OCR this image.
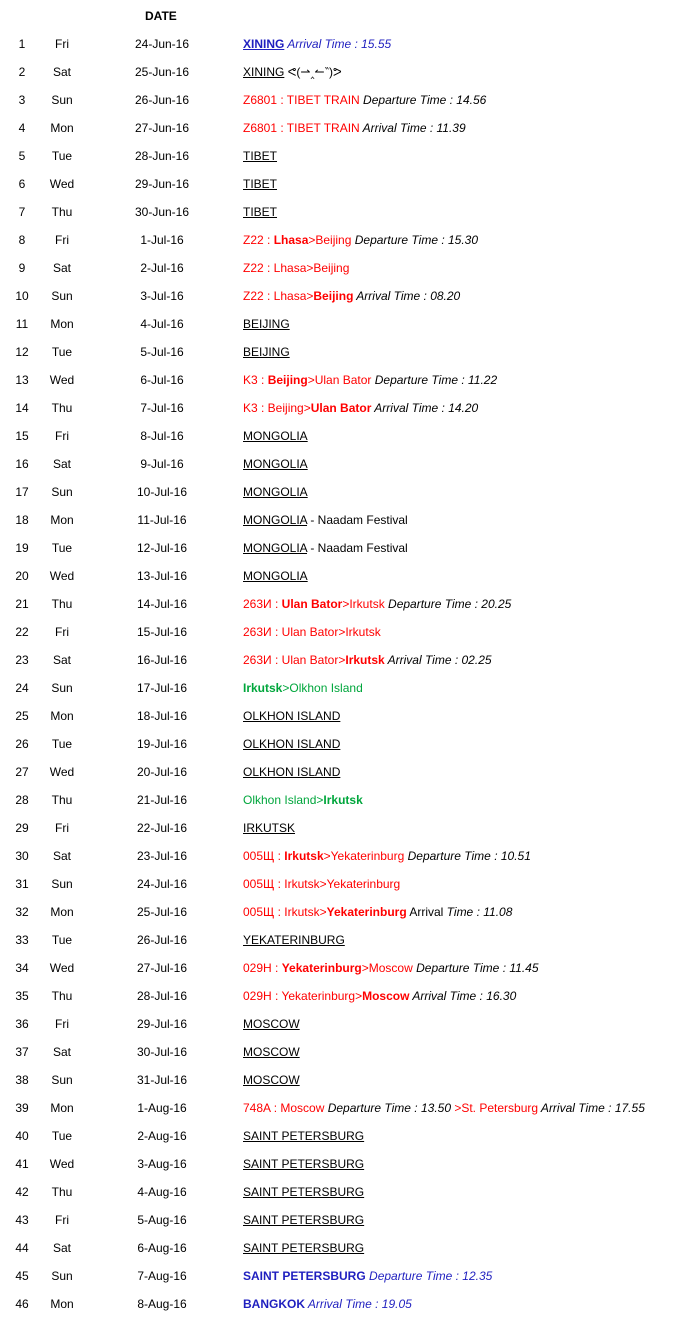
DATE
1	Fri	24-Jun-16	XINING Arrival Time : 15.55
2	Sat	25-Jun-16	XINING ᕙ(⇀‸↼‶)ᕗ
3	Sun	26-Jun-16	Z6801 : TIBET TRAIN Departure Time : 14.56
4	Mon	27-Jun-16	Z6801 : TIBET TRAIN Arrival Time : 11.39
5	Tue	28-Jun-16	TIBET
6	Wed	29-Jun-16	TIBET
7	Thu	30-Jun-16	TIBET
8	Fri	1-Jul-16	Z22 : Lhasa>Beijing Departure Time : 15.30
9	Sat	2-Jul-16	Z22 : Lhasa>Beijing
10	Sun	3-Jul-16	Z22 : Lhasa>Beijing Arrival Time : 08.20
11	Mon	4-Jul-16	BEIJING
12	Tue	5-Jul-16	BEIJING
13	Wed	6-Jul-16	K3 : Beijing>Ulan Bator Departure Time : 11.22
14	Thu	7-Jul-16	K3 : Beijing>Ulan Bator Arrival Time : 14.20
15	Fri	8-Jul-16	MONGOLIA
16	Sat	9-Jul-16	MONGOLIA
17	Sun	10-Jul-16	MONGOLIA
18	Mon	11-Jul-16	MONGOLIA - Naadam Festival
19	Tue	12-Jul-16	MONGOLIA - Naadam Festival
20	Wed	13-Jul-16	MONGOLIA
21	Thu	14-Jul-16	263И : Ulan Bator>Irkutsk Departure Time : 20.25
22	Fri	15-Jul-16	263И : Ulan Bator>Irkutsk
23	Sat	16-Jul-16	263И : Ulan Bator>Irkutsk Arrival Time : 02.25
24	Sun	17-Jul-16	Irkutsk>Olkhon Island
25	Mon	18-Jul-16	OLKHON ISLAND
26	Tue	19-Jul-16	OLKHON ISLAND
27	Wed	20-Jul-16	OLKHON ISLAND
28	Thu	21-Jul-16	Olkhon Island>Irkutsk
29	Fri	22-Jul-16	IRKUTSK
30	Sat	23-Jul-16	005Щ : Irkutsk>Yekaterinburg Departure Time : 10.51
31	Sun	24-Jul-16	005Щ : Irkutsk>Yekaterinburg
32	Mon	25-Jul-16	005Щ : Irkutsk>Yekaterinburg Arrival Time : 11.08
33	Tue	26-Jul-16	YEKATERINBURG
34	Wed	27-Jul-16	029H : Yekaterinburg>Moscow Departure Time : 11.45
35	Thu	28-Jul-16	029H : Yekaterinburg>Moscow Arrival Time : 16.30
36	Fri	29-Jul-16	MOSCOW
37	Sat	30-Jul-16	MOSCOW
38	Sun	31-Jul-16	MOSCOW
39	Mon	1-Aug-16	748A : Moscow Departure Time : 13.50 >St. Petersburg Arrival Time : 17.55
40	Tue	2-Aug-16	SAINT PETERSBURG
41	Wed	3-Aug-16	SAINT PETERSBURG
42	Thu	4-Aug-16	SAINT PETERSBURG
43	Fri	5-Aug-16	SAINT PETERSBURG
44	Sat	6-Aug-16	SAINT PETERSBURG
45	Sun	7-Aug-16	SAINT PETERSBURG Departure Time : 12.35
46	Mon	8-Aug-16	BANGKOK Arrival Time : 19.05
